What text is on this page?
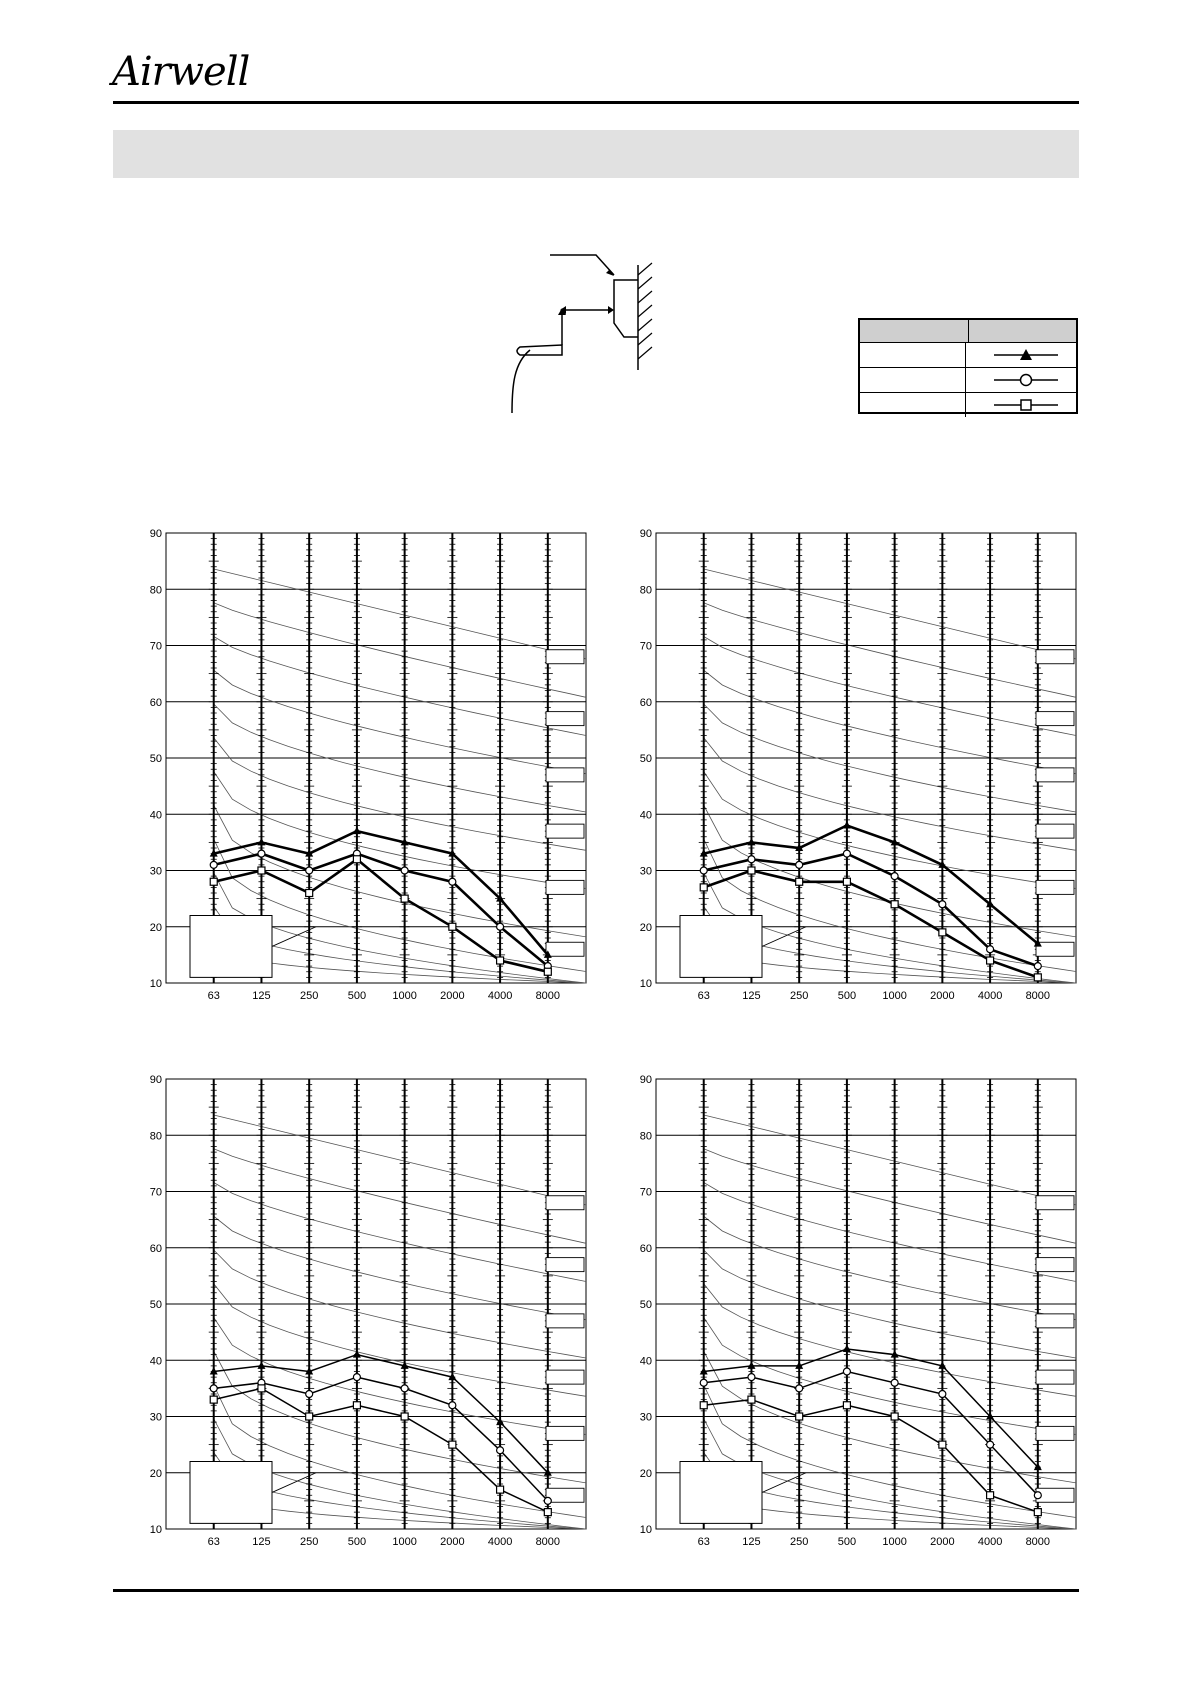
Airwell
10
20
30
40
50
60
70
80
90
63	125	250	500 1000 2000 4000 8000
10
20
30
40
50
60
70
80
90
63	125	250	500 1000 2000 4000 8000
10
20
30
40
50
60
70
80
90
63	125	250	500 1000 2000 4000 8000
10
20
30
40
50
60
70
80
90
63	125	250	500 1000 2000 4000 8000
